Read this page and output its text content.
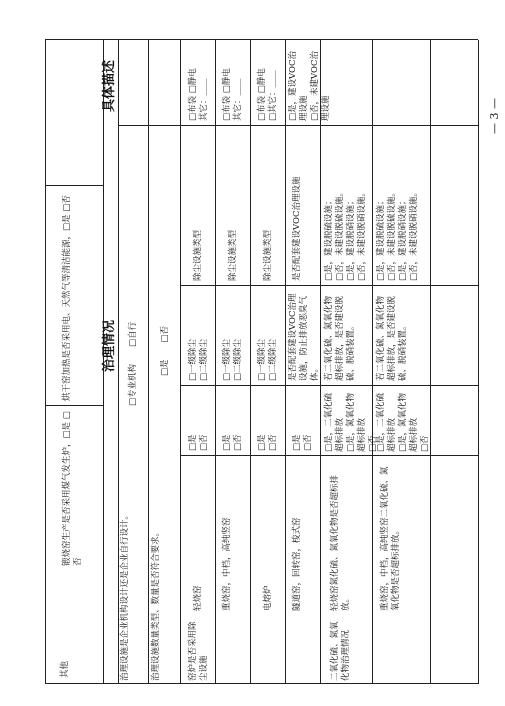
其他
锻烧窑生产是否采用煤气发生炉，□是 □否
烘干窑加热是否采用电、天然气等清洁能源，□是 □否 治理情况
具体描述
治理设施是企业机构设计还是企业自行设计。
□专业机构　　□自行
治理设施数量类型、数量是否符合要求。
□是　　□否
窑炉是否采用除尘设施
轻烧窑
□是
□否
□一级除尘
□二级除尘
除尘设施类型
□布袋 □静电
其它：＿＿
重烧窑，中档，高纯竖窑
□是
□否
□一级除尘
□二级除尘
除尘设施类型
□布袋 □静电
其它：＿＿
电熔炉
□是
□否
□一级除尘
□二级除尘
除尘设施类型
□布袋 □静电
□其它：＿＿
隧道窑，回转窑，梭式窑
□是
□否
是否配套建设VOC治理设施，防止排放恶臭气体。
是否配套建设VOC治理设施
□是，建设VOC治理设施
□否，未建VOC治理设施
二氧化硫、氮氧化物治理情况
轻烧窑氮化硫、氮氧化物是否超标排放。
□是，二氧化硫超标排放
□是，氮氧化物超标排放
□否
若二氧化硫、氮氧化物超标排放，是否建设脱硫、脱硝装置。
□是，建设脱硫设施；
□否，未建设脱硫设施。
□是，建设脱硝设施；
□否，未建设脱硝设施。
重烧窑，中档，高纯竖窑二氧化硫、氮氧化物是否超标排放。
□是，二氧化硫超标排放
□是，氮氧化物超标排放
□否
若二氧化硫、氮氧化物超标排放，是否建设脱硫、脱硝装置。
□是，建设脱硫设施；
□否，未建设脱硫设施。
□是，建设脱硝设施；
□否，未建设脱硝设施。
— 3 —
